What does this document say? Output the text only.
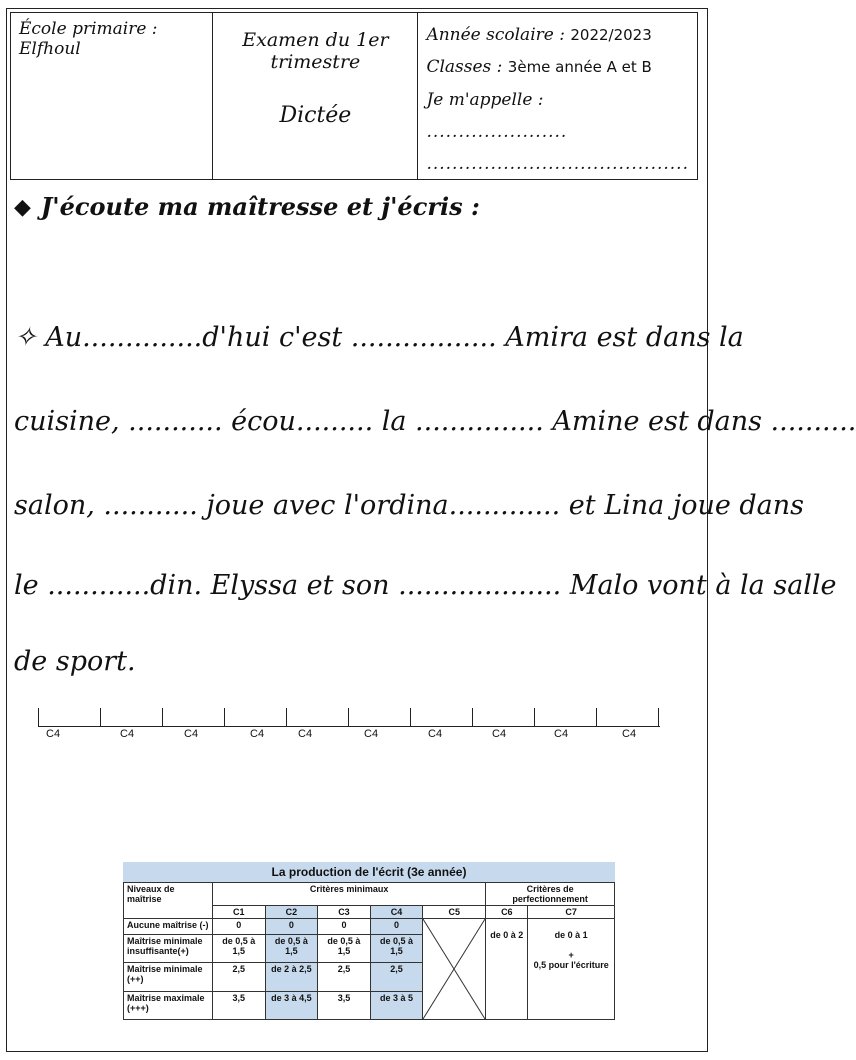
École primaire : Elfhoul	Examen du 1er trimestre
Dictée
Année scolaire : 2022/2023
Classes : 3ème année A et B
Je m'appelle : ......................
.........................................
◆ J'écoute ma maîtresse et j'écris :
✧ Au..............d'hui c'est ................. Amira est dans la
cuisine, ........... écou......... la ............... Amine est dans ..........
salon, ........... joue avec l'ordina............. et Lina joue dans
le ............din. Elyssa et son ................... Malo vont à la salle
de sport.
C4	C4	C4	C4	C4	C4	C4	C4	C4	C4
La production de l'écrit (3e année)
Niveaux de maîtrise	Critères minimaux					Critères de perfectionnement	
	C1	C2	C3	C4	C5	C6	C7
Aucune maîtrise (-)	0	0	0	0		de 0 à 2	de 0 à 1

+
0,5 pour l'écriture
Maîtrise minimale insuffisante(+)	de 0,5 à 1,5	de 0,5 à 1,5	de 0,5 à 1,5	de 0,5 à 1,5			
Maîtrise minimale (++)	2,5	de 2 à 2,5	2,5	2,5			
Maîtrise maximale (+++)	3,5	de 3 à 4,5	3,5	de 3 à 5			
